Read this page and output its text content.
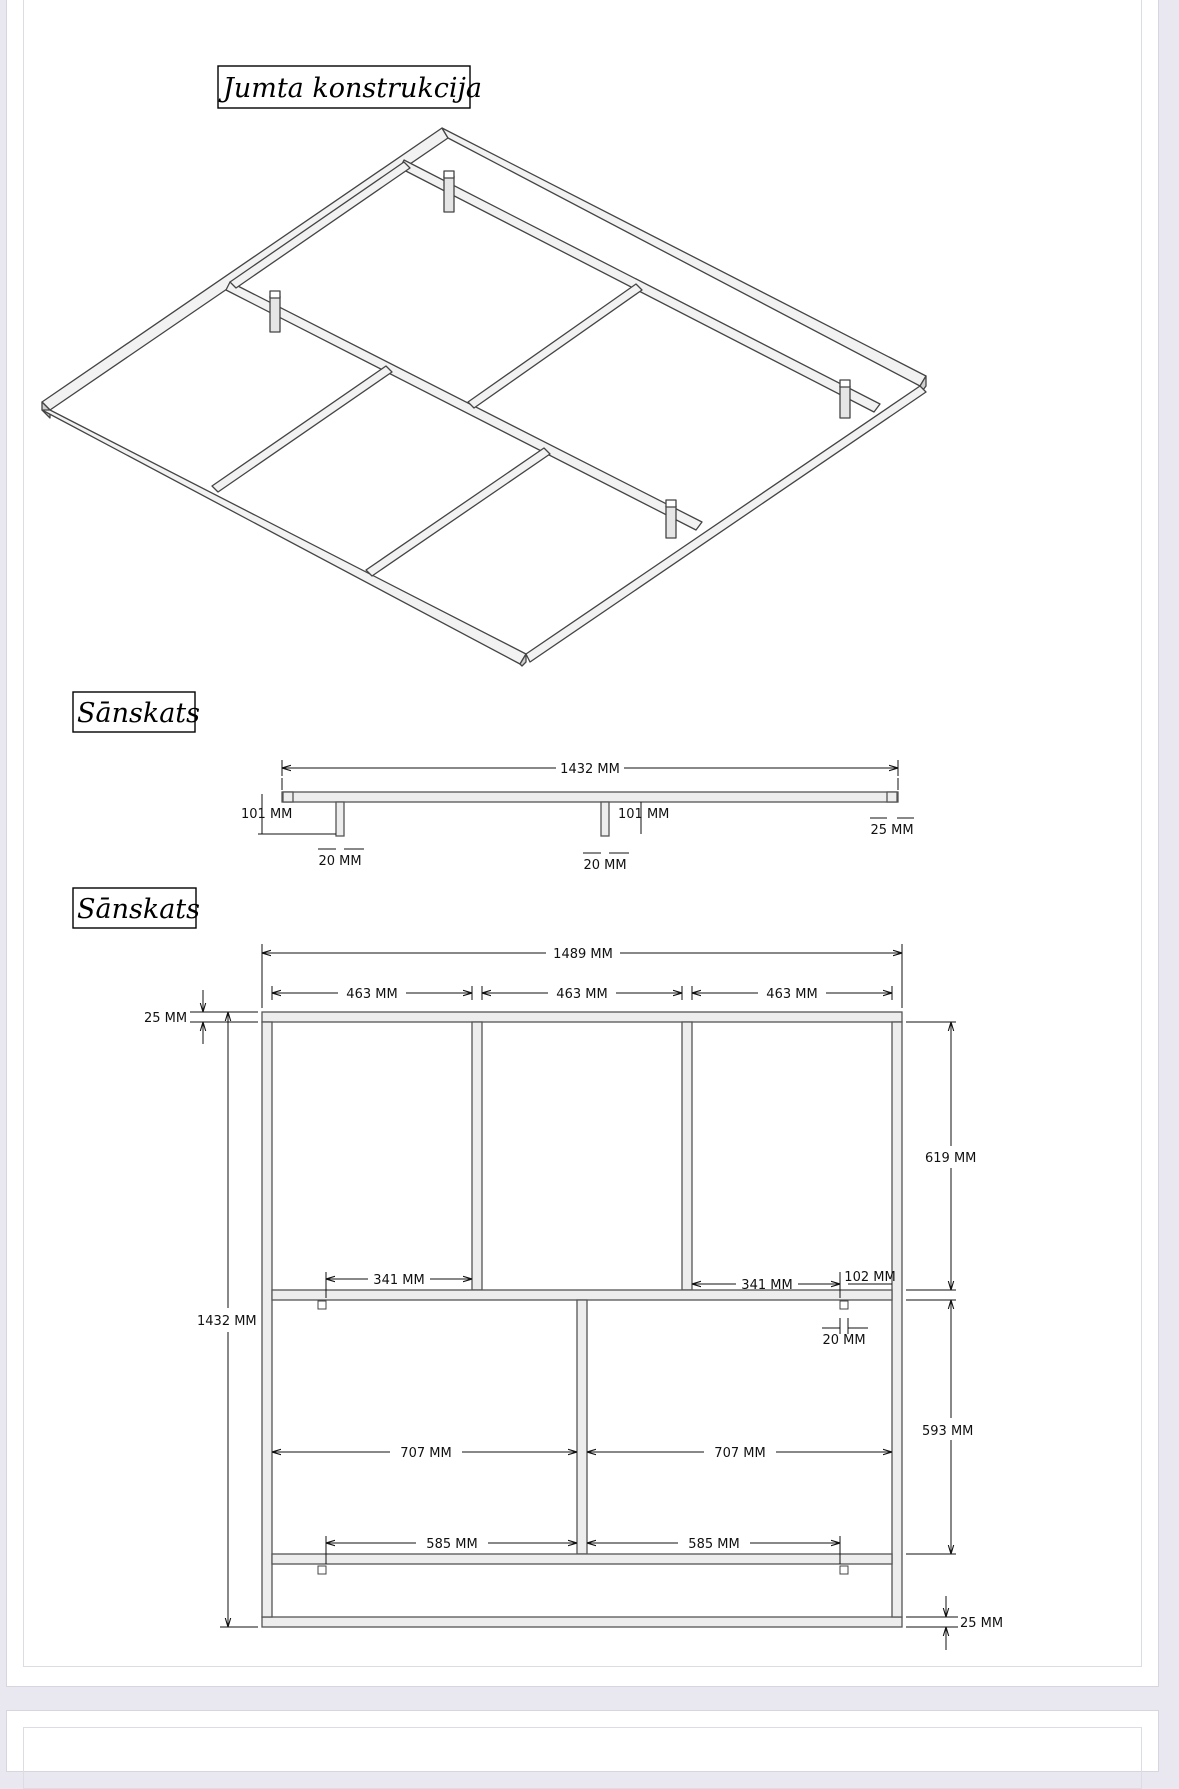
Jumta konstrukcija
Sānskats
Sānskats
1432 MM
101 MM	101 MM
20 MM	20 MM
25 MM
1489 MM
463 MM	463 MM	463 MM
25 MM
1432 MM
619 MM
593 MM
25 MM
341 MM	341 MM
102 MM
20 MM
707 MM	707 MM
585 MM	585 MM
